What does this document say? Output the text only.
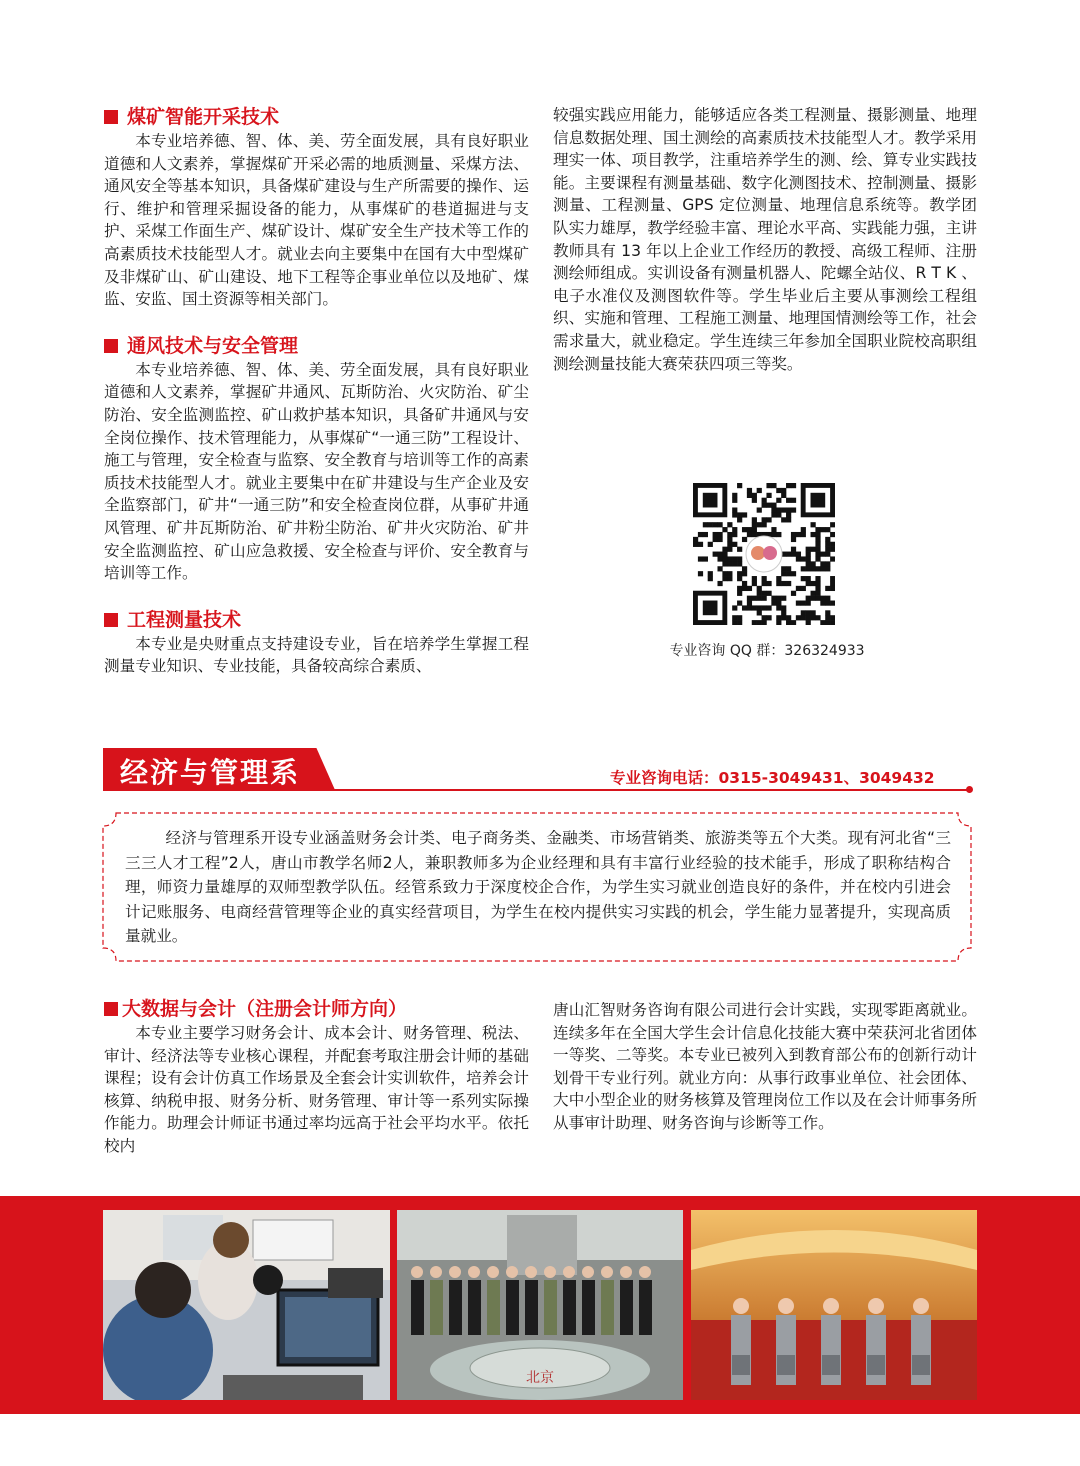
煤矿智能开采技术

本专业培养德、智、体、美、劳全面发展，具有良好职业道德和人文素养，掌握煤矿开采必需的地质测量、采煤方法、通风安全等基本知识，具备煤矿建设与生产所需要的操作、运行、维护和管理采掘设备的能力，从事煤矿的巷道掘进与支护、采煤工作面生产、煤矿设计、煤矿安全生产技术等工作的高素质技术技能型人才。就业去向主要集中在国有大中型煤矿及非煤矿山、矿山建设、地下工程等企事业单位以及地矿、煤监、安监、国土资源等相关部门。

通风技术与安全管理

本专业培养德、智、体、美、劳全面发展，具有良好职业道德和人文素养，掌握矿井通风、瓦斯防治、火灾防治、矿尘防治、安全监测监控、矿山救护基本知识，具备矿井通风与安全岗位操作、技术管理能力，从事煤矿“一通三防”工程设计、施工与管理，安全检查与监察、安全教育与培训等工作的高素质技术技能型人才。就业主要集中在矿井建设与生产企业及安全监察部门，矿井“一通三防”和安全检查岗位群，从事矿井通风管理、矿井瓦斯防治、矿井粉尘防治、矿井火灾防治、矿井安全监测监控、矿山应急救援、安全检查与评价、安全教育与培训等工作。

工程测量技术

本专业是央财重点支持建设专业，旨在培养学生掌握工程测量专业知识、专业技能，具备较高综合素质、

较强实践应用能力，能够适应各类工程测量、摄影测量、地理信息数据处理、国土测绘的高素质技术技能型人才。教学采用理实一体、项目教学，注重培养学生的测、绘、算专业实践技能。主要课程有测量基础、数字化测图技术、控制测量、摄影测量、工程测量、GPS 定位测量、地理信息系统等。教学团队实力雄厚，教学经验丰富、理论水平高、实践能力强，主讲教师具有 13 年以上企业工作经历的教授、高级工程师、注册测绘师组成。实训设备有测量机器人、陀螺全站仪、R T K 、电子水准仪及测图软件等。学生毕业后主要从事测绘工程组织、实施和管理、工程施工测量、地理国情测绘等工作，社会需求量大，就业稳定。学生连续三年参加全国职业院校高职组测绘测量技能大赛荣获四项三等奖。

专业咨询 QQ 群：326324933
经济与管理系	专业咨询电话：0315-3049431、3049432

经济与管理系开设专业涵盖财务会计类、电子商务类、金融类、市场营销类、旅游类等五个大类。现有河北省“三三三人才工程”2人，唐山市教学名师2人，兼职教师多为企业经理和具有丰富行业经验的技术能手，形成了职称结构合理，师资力量雄厚的双师型教学队伍。经管系致力于深度校企合作，为学生实习就业创造良好的条件，并在校内引进会计记账服务、电商经营管理等企业的真实经营项目，为学生在校内提供实习实践的机会，学生能力显著提升，实现高质量就业。

大数据与会计（注册会计师方向）

本专业主要学习财务会计、成本会计、财务管理、税法、审计、经济法等专业核心课程，并配套考取注册会计师的基础课程；设有会计仿真工作场景及全套会计实训软件，培养会计核算、纳税申报、财务分析、财务管理、审计等一系列实际操作能力。助理会计师证书通过率均远高于社会平均水平。依托校内

唐山汇智财务咨询有限公司进行会计实践，实现零距离就业。连续多年在全国大学生会计信息化技能大赛中荣获河北省团体一等奖、二等奖。本专业已被列入到教育部公布的创新行动计划骨干专业行列。就业方向：从事行政事业单位、社会团体、大中小型企业的财务核算及管理岗位工作以及在会计师事务所从事审计助理、财务咨询与诊断等工作。

北京
